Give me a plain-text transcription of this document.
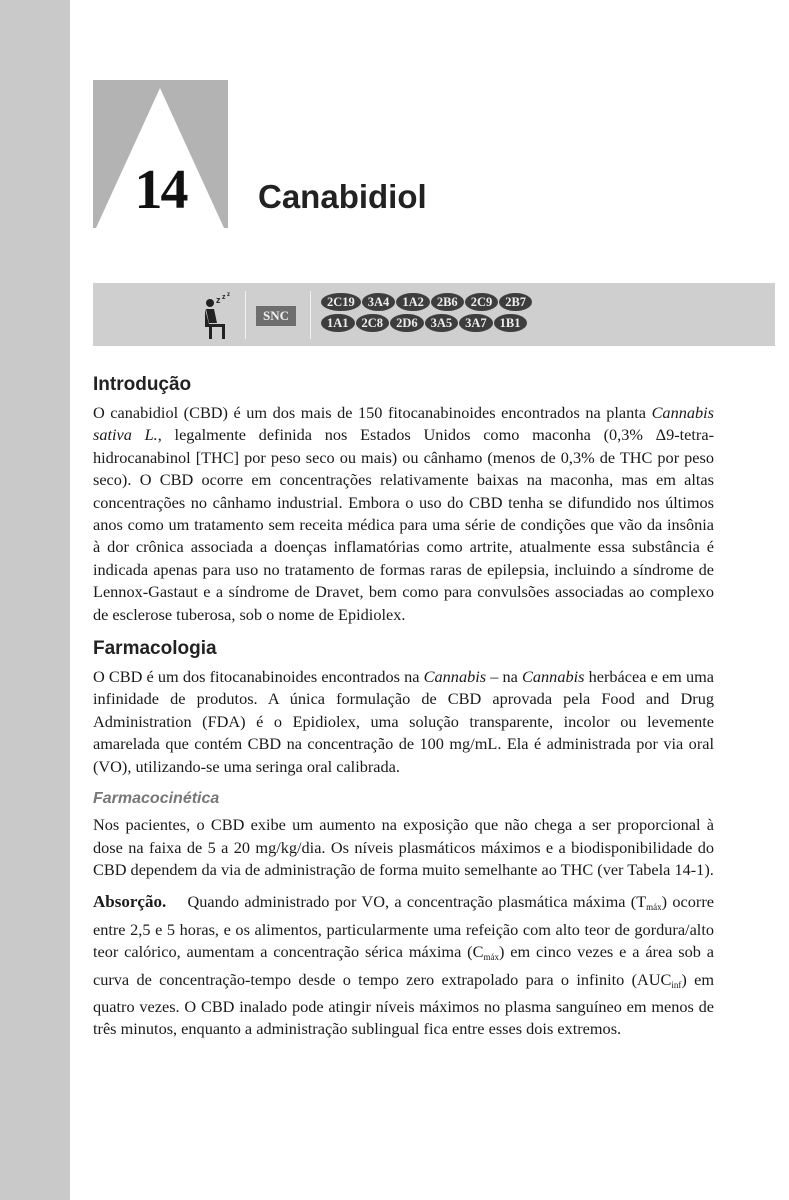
14	Canabidiol
z z z
SNC
2C19 3A4 1A2 2B6 2C9 2B7
1A1 2C8 2D6 3A5 3A7 1B1
Introdução

O canabidiol (CBD) é um dos mais de 150 fitocanabinoides encontrados na planta Cannabis sativa L., legalmente definida nos Estados Unidos como maconha (0,3% Δ9-tetra-hidrocanabinol [THC] por peso seco ou mais) ou cânhamo (menos de 0,3% de THC por peso seco). O CBD ocorre em concentrações relativamente baixas na maconha, mas em altas concentrações no cânhamo industrial. Embora o uso do CBD tenha se difundido nos últimos anos como um tratamento sem receita médica para uma série de condições que vão da insônia à dor crônica associada a doenças inflamatórias como artrite, atualmente essa substância é indicada apenas para uso no tratamento de formas raras de epilepsia, incluindo a síndrome de Lennox-Gastaut e a síndrome de Dravet, bem como para convulsões associadas ao complexo de esclerose tuberosa, sob o nome de Epidiolex.

Farmacologia

O CBD é um dos fitocanabinoides encontrados na Cannabis – na Cannabis herbácea e em uma infinidade de produtos. A única formulação de CBD aprovada pela Food and Drug Administration (FDA) é o Epidiolex, uma solução transparente, incolor ou levemente amarelada que contém CBD na concentração de 100 mg/mL. Ela é administrada por via oral (VO), utilizando-se uma seringa oral calibrada.

Farmacocinética

Nos pacientes, o CBD exibe um aumento na exposição que não chega a ser proporcional à dose na faixa de 5 a 20 mg/kg/dia. Os níveis plasmáticos máximos e a biodisponibilidade do CBD dependem da via de administração de forma muito semelhante ao THC (ver Tabela 14-1).

Absorção. Quando administrado por VO, a concentração plasmática máxima $(T_{máx})$ ocorre entre 2,5 e 5 horas, e os alimentos, particularmente uma refeição com alto teor de gordura/alto teor calórico, aumentam a concentração sérica máxima $(C_{máx})$ em cinco vezes e a área sob a curva de concentração-tempo desde o tempo zero extrapolado para o infinito $(AUC_{inf})$ em quatro vezes. O CBD inalado pode atingir níveis máximos no plasma sanguíneo em menos de três minutos, enquanto a administração sublingual fica entre esses dois extremos.
